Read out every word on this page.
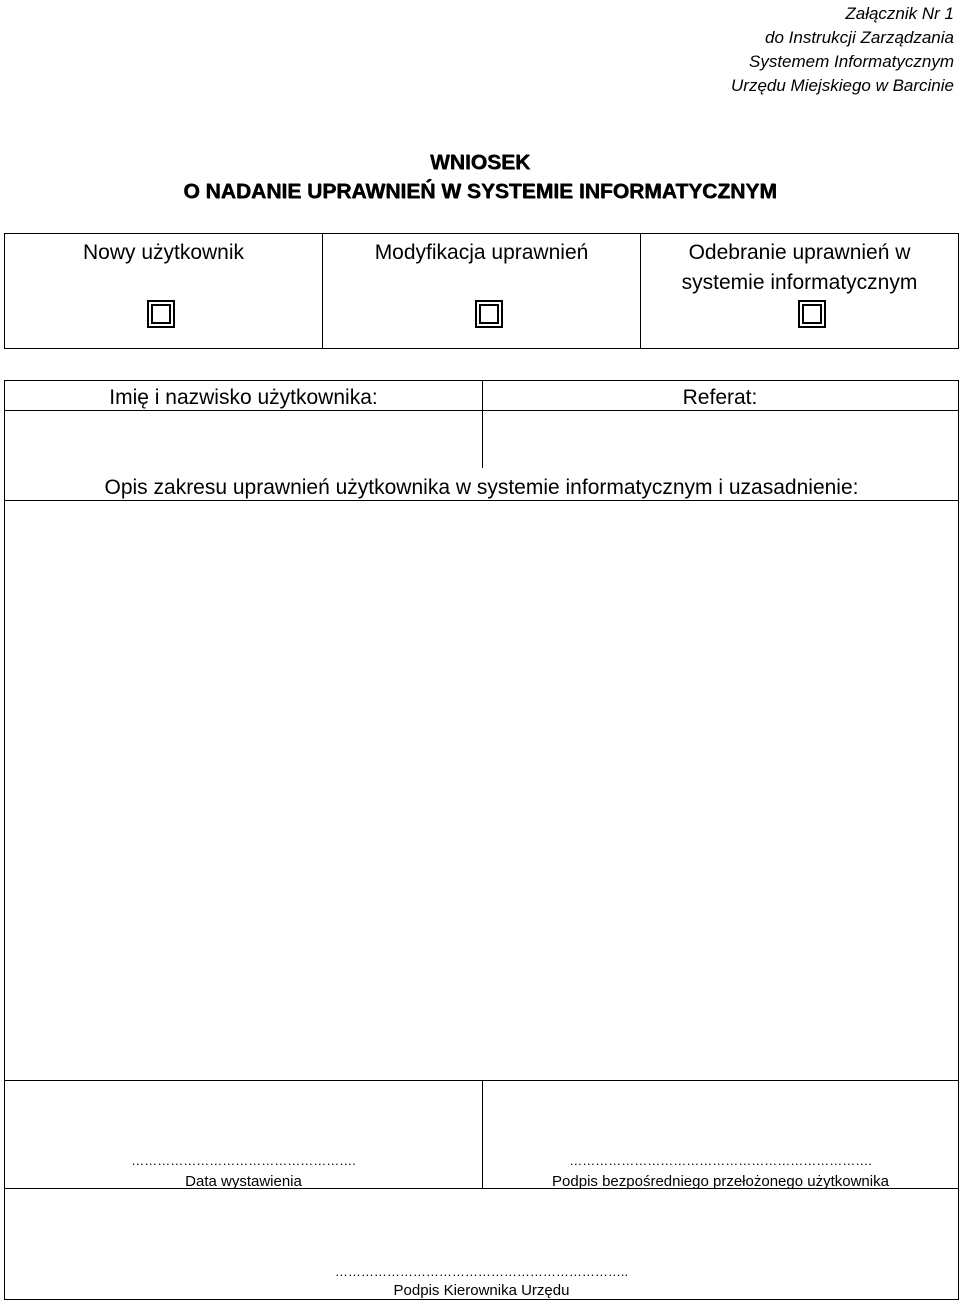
Załącznik Nr 1
do Instrukcji Zarządzania
Systemem Informatycznym
Urzędu Miejskiego w Barcinie
WNIOSEK
O NADANIE UPRAWNIEŃ W SYSTEMIE INFORMATYCZNYM
Nowy użytkownik	Modyfikacja uprawnień	Odebranie uprawnień w systemie informatycznym
Imię i nazwisko użytkownika:	Referat:
Opis zakresu uprawnień użytkownika w systemie informatycznym i uzasadnienie:
…………………………………………….
Data wystawienia
…………………………………………………………….
Podpis bezpośredniego przełożonego użytkownika
…………………………………………………………..
Podpis Kierownika Urzędu
